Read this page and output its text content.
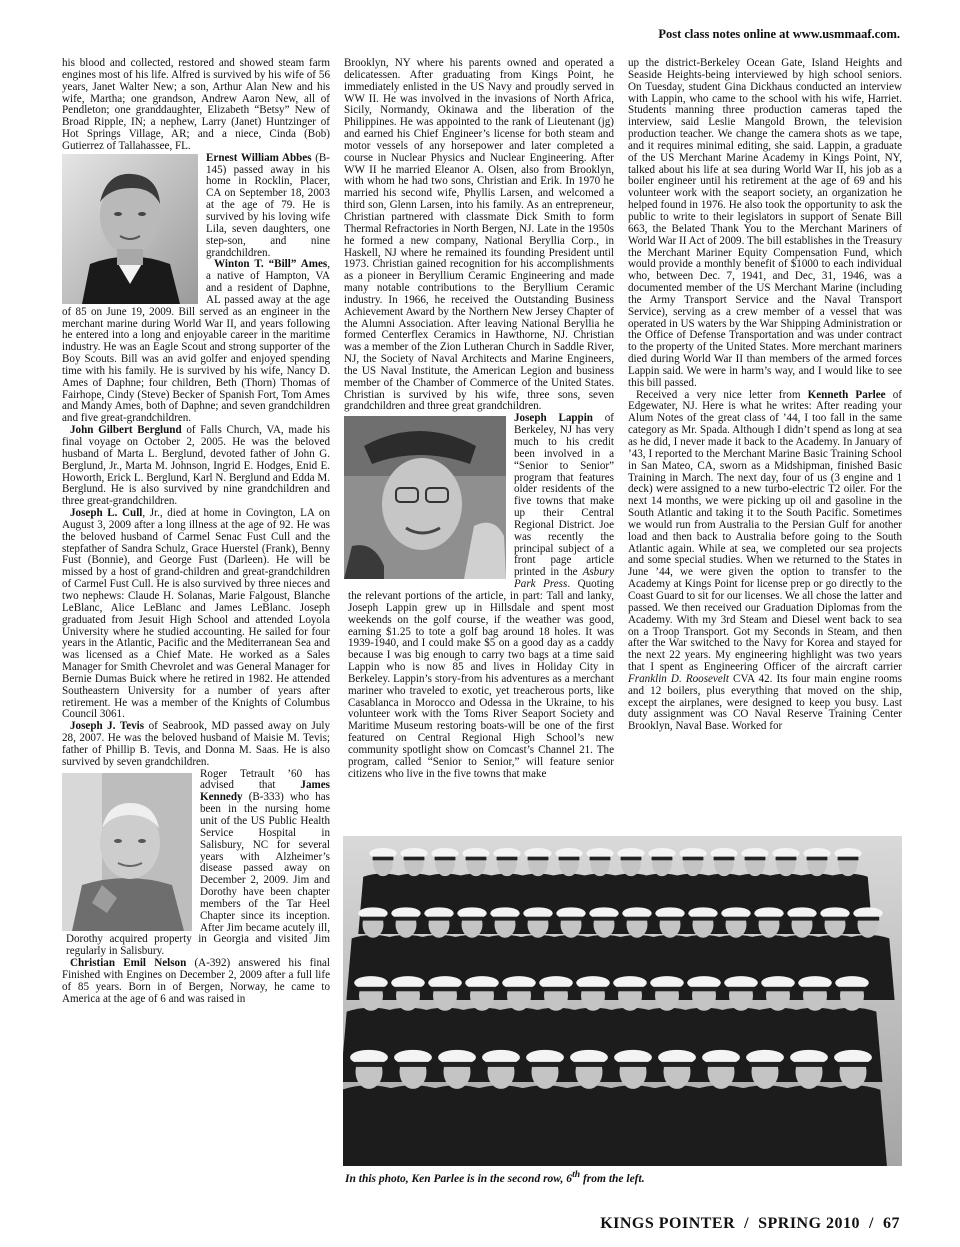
Post class notes online at www.usmmaaf.com.

his blood and collected, restored and showed steam farm engines most of his life. Alfred is survived by his wife of 56 years, Janet Walter New; a son, Arthur Alan New and his wife, Martha; one grandson, Andrew Aaron New, all of Pendleton; one granddaughter, Elizabeth “Betsy” New of Broad Ripple, IN; a nephew, Larry (Janet) Huntzinger of Hot Springs Village, AR; and a niece, Cinda (Bob) Gutierrez of Tallahassee, FL.

Ernest William Abbes (B-145) passed away in his home in Rocklin, Placer, CA on September 18, 2003 at the age of 79. He is survived by his loving wife Lila, seven daughters, one step-son, and nine grandchildren.

Winton T. “Bill” Ames, a native of Hampton, VA and a resident of Daphne, AL passed away at the age of 85 on June 19, 2009. Bill served as an engineer in the merchant marine during World War II, and years following he entered into a long and enjoyable career in the maritime industry. He was an Eagle Scout and strong supporter of the Boy Scouts. Bill was an avid golfer and enjoyed spending time with his family. He is survived by his wife, Nancy D. Ames of Daphne; four children, Beth (Thorn) Thomas of Fairhope, Cindy (Steve) Becker of Spanish Fort, Tom Ames and Mandy Ames, both of Daphne; and seven grandchildren and five great-grandchildren.

John Gilbert Berglund of Falls Church, VA, made his final voyage on October 2, 2005. He was the beloved husband of Marta L. Berglund, devoted father of John G. Berglund, Jr., Marta M. Johnson, Ingrid E. Hodges, Enid E. Howorth, Erick L. Berglund, Karl N. Berglund and Edda M. Berglund. He is also survived by nine grandchildren and three great-grandchildren.

Joseph L. Cull, Jr., died at home in Covington, LA on August 3, 2009 after a long illness at the age of 92. He was the beloved husband of Carmel Senac Fust Cull and the stepfather of Sandra Schulz, Grace Huerstel (Frank), Benny Fust (Bonnie), and George Fust (Darleen). He will be missed by a host of grand-children and great-grandchildren of Carmel Fust Cull. He is also survived by three nieces and two nephews: Claude H. Solanas, Marie Falgoust, Blanche LeBlanc, Alice LeBlanc and James LeBlanc. Joseph graduated from Jesuit High School and attended Loyola University where he studied accounting. He sailed for four years in the Atlantic, Pacific and the Mediterranean Sea and was licensed as a Chief Mate. He worked as a Sales Manager for Smith Chevrolet and was General Manager for Bernie Dumas Buick where he retired in 1982. He attended Southeastern University for a number of years after retirement. He was a member of the Knights of Columbus Council 3061.

Joseph J. Tevis of Seabrook, MD passed away on July 28, 2007. He was the beloved husband of Maisie M. Tevis; father of Phillip B. Tevis, and Donna M. Saas. He is also survived by seven grandchildren.

Roger Tetrault ’60 has advised that James Kennedy (B-333) who has been in the nursing home unit of the US Public Health Service Hospital in Salisbury, NC for several years with Alzheimer’s disease passed away on December 2, 2009. Jim and Dorothy have been chapter members of the Tar Heel Chapter since its inception. After Jim became acutely ill, Dorothy acquired property in Georgia and visited Jim regularly in Salisbury.

Christian Emil Nelson (A-392) answered his final Finished with Engines on December 2, 2009 after a full life of 85 years. Born in of Bergen, Norway, he came to America at the age of 6 and was raised in

Brooklyn, NY where his parents owned and operated a delicatessen. After graduating from Kings Point, he immediately enlisted in the US Navy and proudly served in WW II. He was involved in the invasions of North Africa, Sicily, Normandy, Okinawa and the liberation of the Philippines. He was appointed to the rank of Lieutenant (jg) and earned his Chief Engineer’s license for both steam and motor vessels of any horsepower and later completed a course in Nuclear Physics and Nuclear Engineering. After WW II he married Eleanor A. Olsen, also from Brooklyn, with whom he had two sons, Christian and Erik. In 1970 he married his second wife, Phyllis Larsen, and welcomed a third son, Glenn Larsen, into his family. As an entrepreneur, Christian partnered with classmate Dick Smith to form Thermal Refractories in North Bergen, NJ. Late in the 1950s he formed a new company, National Beryllia Corp., in Haskell, NJ where he remained its founding President until 1973. Christian gained recognition for his accomplishments as a pioneer in Beryllium Ceramic Engineering and made many notable contributions to the Beryllium Ceramic industry. In 1966, he received the Outstanding Business Achievement Award by the Northern New Jersey Chapter of the Alumni Association. After leaving National Beryllia he formed Centerflex Ceramics in Hawthorne, NJ. Christian was a member of the Zion Lutheran Church in Saddle River, NJ, the Society of Naval Architects and Marine Engineers, the US Naval Institute, the American Legion and business member of the Chamber of Commerce of the United States. Christian is survived by his wife, three sons, seven grandchildren and three great grandchildren.

Joseph Lappin of Berkeley, NJ has very much to his credit been involved in a “Senior to Senior” program that features older residents of the five towns that make up their Central Regional District. Joe was recently the principal subject of a front page article printed in the Asbury Park Press. Quoting the relevant portions of the article, in part: Tall and lanky, Joseph Lappin grew up in Hillsdale and spent most weekends on the golf course, if the weather was good, earning $1.25 to tote a golf bag around 18 holes. It was 1939-1940, and I could make $5 on a good day as a caddy because I was big enough to carry two bags at a time said Lappin who is now 85 and lives in Holiday City in Berkeley. Lappin’s story-from his adventures as a merchant mariner who traveled to exotic, yet treacherous ports, like Casablanca in Morocco and Odessa in the Ukraine, to his volunteer work with the Toms River Seaport Society and Maritime Museum restoring boats-will be one of the first featured on Central Regional High School’s new community spotlight show on Comcast’s Channel 21. The program, called “Senior to Senior,” will feature senior citizens who live in the five towns that make

up the district-Berkeley Ocean Gate, Island Heights and Seaside Heights-being interviewed by high school seniors. On Tuesday, student Gina Dickhaus conducted an interview with Lappin, who came to the school with his wife, Harriet. Students manning three production cameras taped the interview, said Leslie Mangold Brown, the television production teacher. We change the camera shots as we tape, and it requires minimal editing, she said. Lappin, a graduate of the US Merchant Marine Academy in Kings Point, NY, talked about his life at sea during World War II, his job as a boiler engineer until his retirement at the age of 69 and his volunteer work with the seaport society, an organization he helped found in 1976. He also took the opportunity to ask the public to write to their legislators in support of Senate Bill 663, the Belated Thank You to the Merchant Mariners of World War II Act of 2009. The bill establishes in the Treasury the Merchant Mariner Equity Compensation Fund, which would provide a monthly benefit of $1000 to each individual who, between Dec. 7, 1941, and Dec, 31, 1946, was a documented member of the US Merchant Marine (including the Army Transport Service and the Naval Transport Service), serving as a crew member of a vessel that was operated in US waters by the War Shipping Administration or the Office of Defense Transportation and was under contract to the property of the United States. More merchant mariners died during World War II than members of the armed forces Lappin said. We were in harm’s way, and I would like to see this bill passed.

Received a very nice letter from Kenneth Parlee of Edgewater, NJ. Here is what he writes: After reading your Alum Notes of the great class of ’44, I too fall in the same category as Mr. Spada. Although I didn’t spend as long at sea as he did, I never made it back to the Academy. In January of ’43, I reported to the Merchant Marine Basic Training School in San Mateo, CA, sworn as a Midshipman, finished Basic Training in March. The next day, four of us (3 engine and 1 deck) were assigned to a new turbo-electric T2 oiler. For the next 14 months, we were picking up oil and gasoline in the South Atlantic and taking it to the South Pacific. Sometimes we would run from Australia to the Persian Gulf for another load and then back to Australia before going to the South Atlantic again. While at sea, we completed our sea projects and some special studies. When we returned to the States in June ’44, we were given the option to transfer to the Academy at Kings Point for license prep or go directly to the Coast Guard to sit for our licenses. We all chose the latter and passed. We then received our Graduation Diplomas from the Academy. With my 3rd Steam and Diesel went back to sea on a Troop Transport. Got my Seconds in Steam, and then after the War switched to the Navy for Korea and stayed for the next 22 years. My engineering highlight was two years that I spent as Engineering Officer of the aircraft carrier Franklin D. Roosevelt CVA 42. Its four main engine rooms and 12 boilers, plus everything that moved on the ship, except the airplanes, were designed to keep you busy. Last duty assignment was CO Naval Reserve Training Center Brooklyn, Naval Base. Worked for

In this photo, Ken Parlee is in the second row, 6th from the left.
KINGS POINTER  /  SPRING 2010  /  67
